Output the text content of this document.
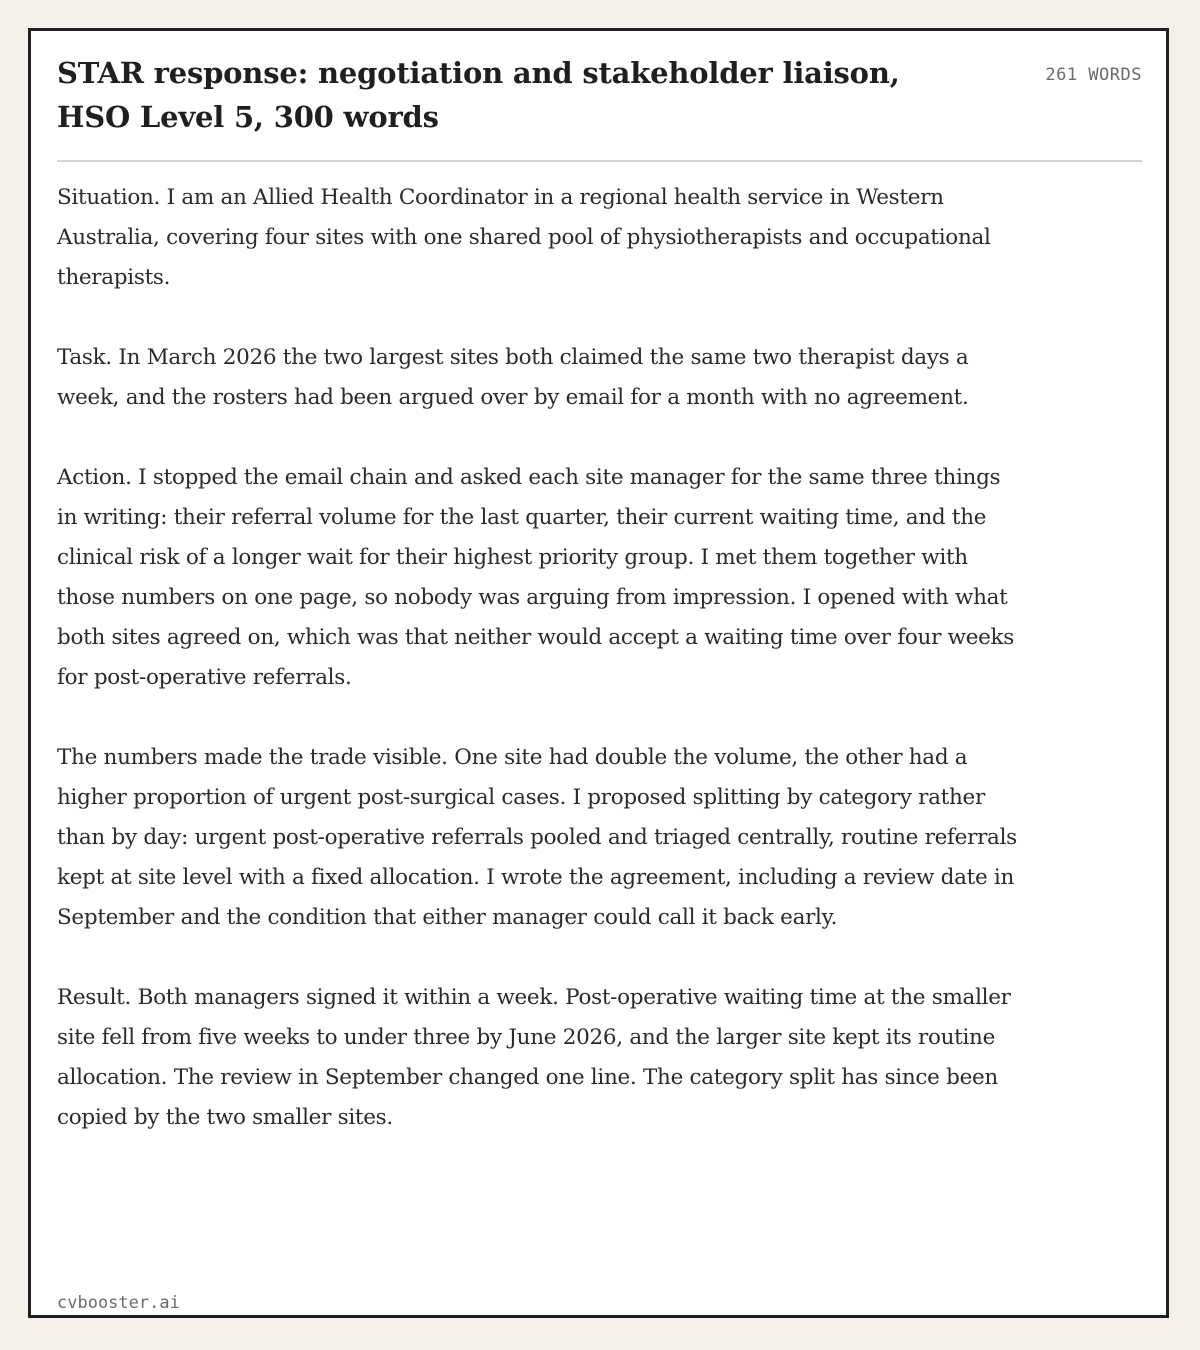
STAR response: negotiation and stakeholder liaison, HSO Level 5, 300 words
261 WORDS

Situation. I am an Allied Health Coordinator in a regional health service in Western Australia, covering four sites with one shared pool of physiotherapists and occupational therapists.

Task. In March 2026 the two largest sites both claimed the same two therapist days a week, and the rosters had been argued over by email for a month with no agreement.

Action. I stopped the email chain and asked each site manager for the same three things in writing: their referral volume for the last quarter, their current waiting time, and the clinical risk of a longer wait for their highest priority group. I met them together with those numbers on one page, so nobody was arguing from impression. I opened with what both sites agreed on, which was that neither would accept a waiting time over four weeks for post-operative referrals.

The numbers made the trade visible. One site had double the volume, the other had a higher proportion of urgent post-surgical cases. I proposed splitting by category rather than by day: urgent post-operative referrals pooled and triaged centrally, routine referrals kept at site level with a fixed allocation. I wrote the agreement, including a review date in September and the condition that either manager could call it back early.

Result. Both managers signed it within a week. Post-operative waiting time at the smaller site fell from five weeks to under three by June 2026, and the larger site kept its routine allocation. The review in September changed one line. The category split has since been copied by the two smaller sites.

cvbooster.ai
